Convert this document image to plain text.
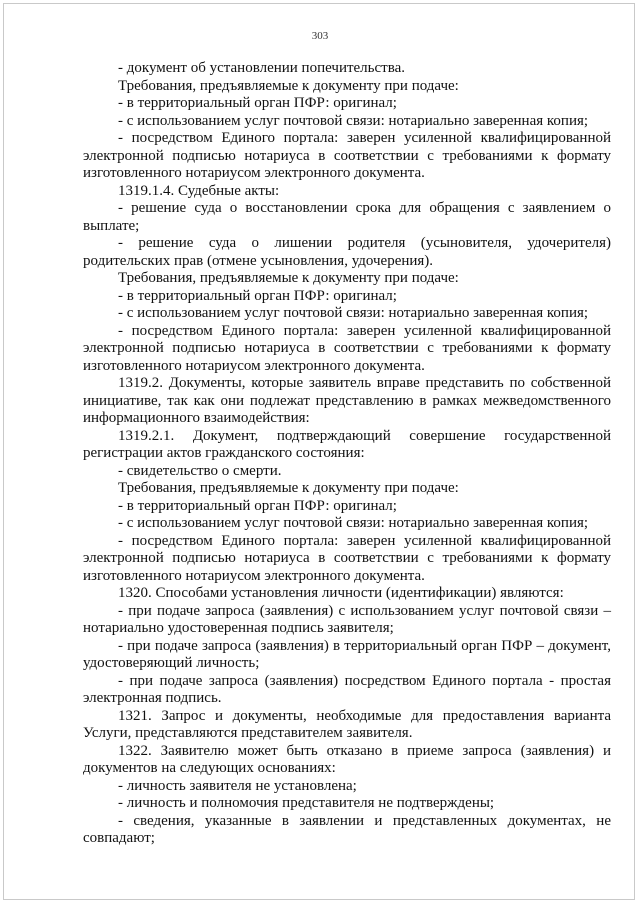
303

- документ об установлении попечительства.

Требования, предъявляемые к документу при подаче:

- в территориальный орган ПФР: оригинал;

- с использованием услуг почтовой связи: нотариально заверенная копия;

- посредством Единого портала: заверен усиленной квалифицированной электронной подписью нотариуса в соответствии с требованиями к формату изготовленного нотариусом электронного документа.

1319.1.4. Судебные акты:

- решение суда о восстановлении срока для обращения с заявлением о выплате;

- решение суда о лишении родителя (усыновителя, удочерителя) родительских прав (отмене усыновления, удочерения).

Требования, предъявляемые к документу при подаче:

- в территориальный орган ПФР: оригинал;

- с использованием услуг почтовой связи: нотариально заверенная копия;

- посредством Единого портала: заверен усиленной квалифицированной электронной подписью нотариуса в соответствии с требованиями к формату изготовленного нотариусом электронного документа.

1319.2. Документы, которые заявитель вправе представить по собственной инициативе, так как они подлежат представлению в рамках межведомственного информационного взаимодействия:

1319.2.1. Документ, подтверждающий совершение государственной регистрации актов гражданского состояния:

- свидетельство о смерти.

Требования, предъявляемые к документу при подаче:

- в территориальный орган ПФР: оригинал;

- с использованием услуг почтовой связи: нотариально заверенная копия;

- посредством Единого портала: заверен усиленной квалифицированной электронной подписью нотариуса в соответствии с требованиями к формату изготовленного нотариусом электронного документа.

1320. Способами установления личности (идентификации) являются:

- при подаче запроса (заявления) с использованием услуг почтовой связи – нотариально удостоверенная подпись заявителя;

- при подаче запроса (заявления) в территориальный орган ПФР – документ, удостоверяющий личность;

- при подаче запроса (заявления) посредством Единого портала - простая электронная подпись.

1321. Запрос и документы, необходимые для предоставления варианта Услуги, представляются представителем заявителя.

1322. Заявителю может быть отказано в приеме запроса (заявления) и документов на следующих основаниях:

- личность заявителя не установлена;

- личность и полномочия представителя не подтверждены;

- сведения, указанные в заявлении и представленных документах, не совпадают;
